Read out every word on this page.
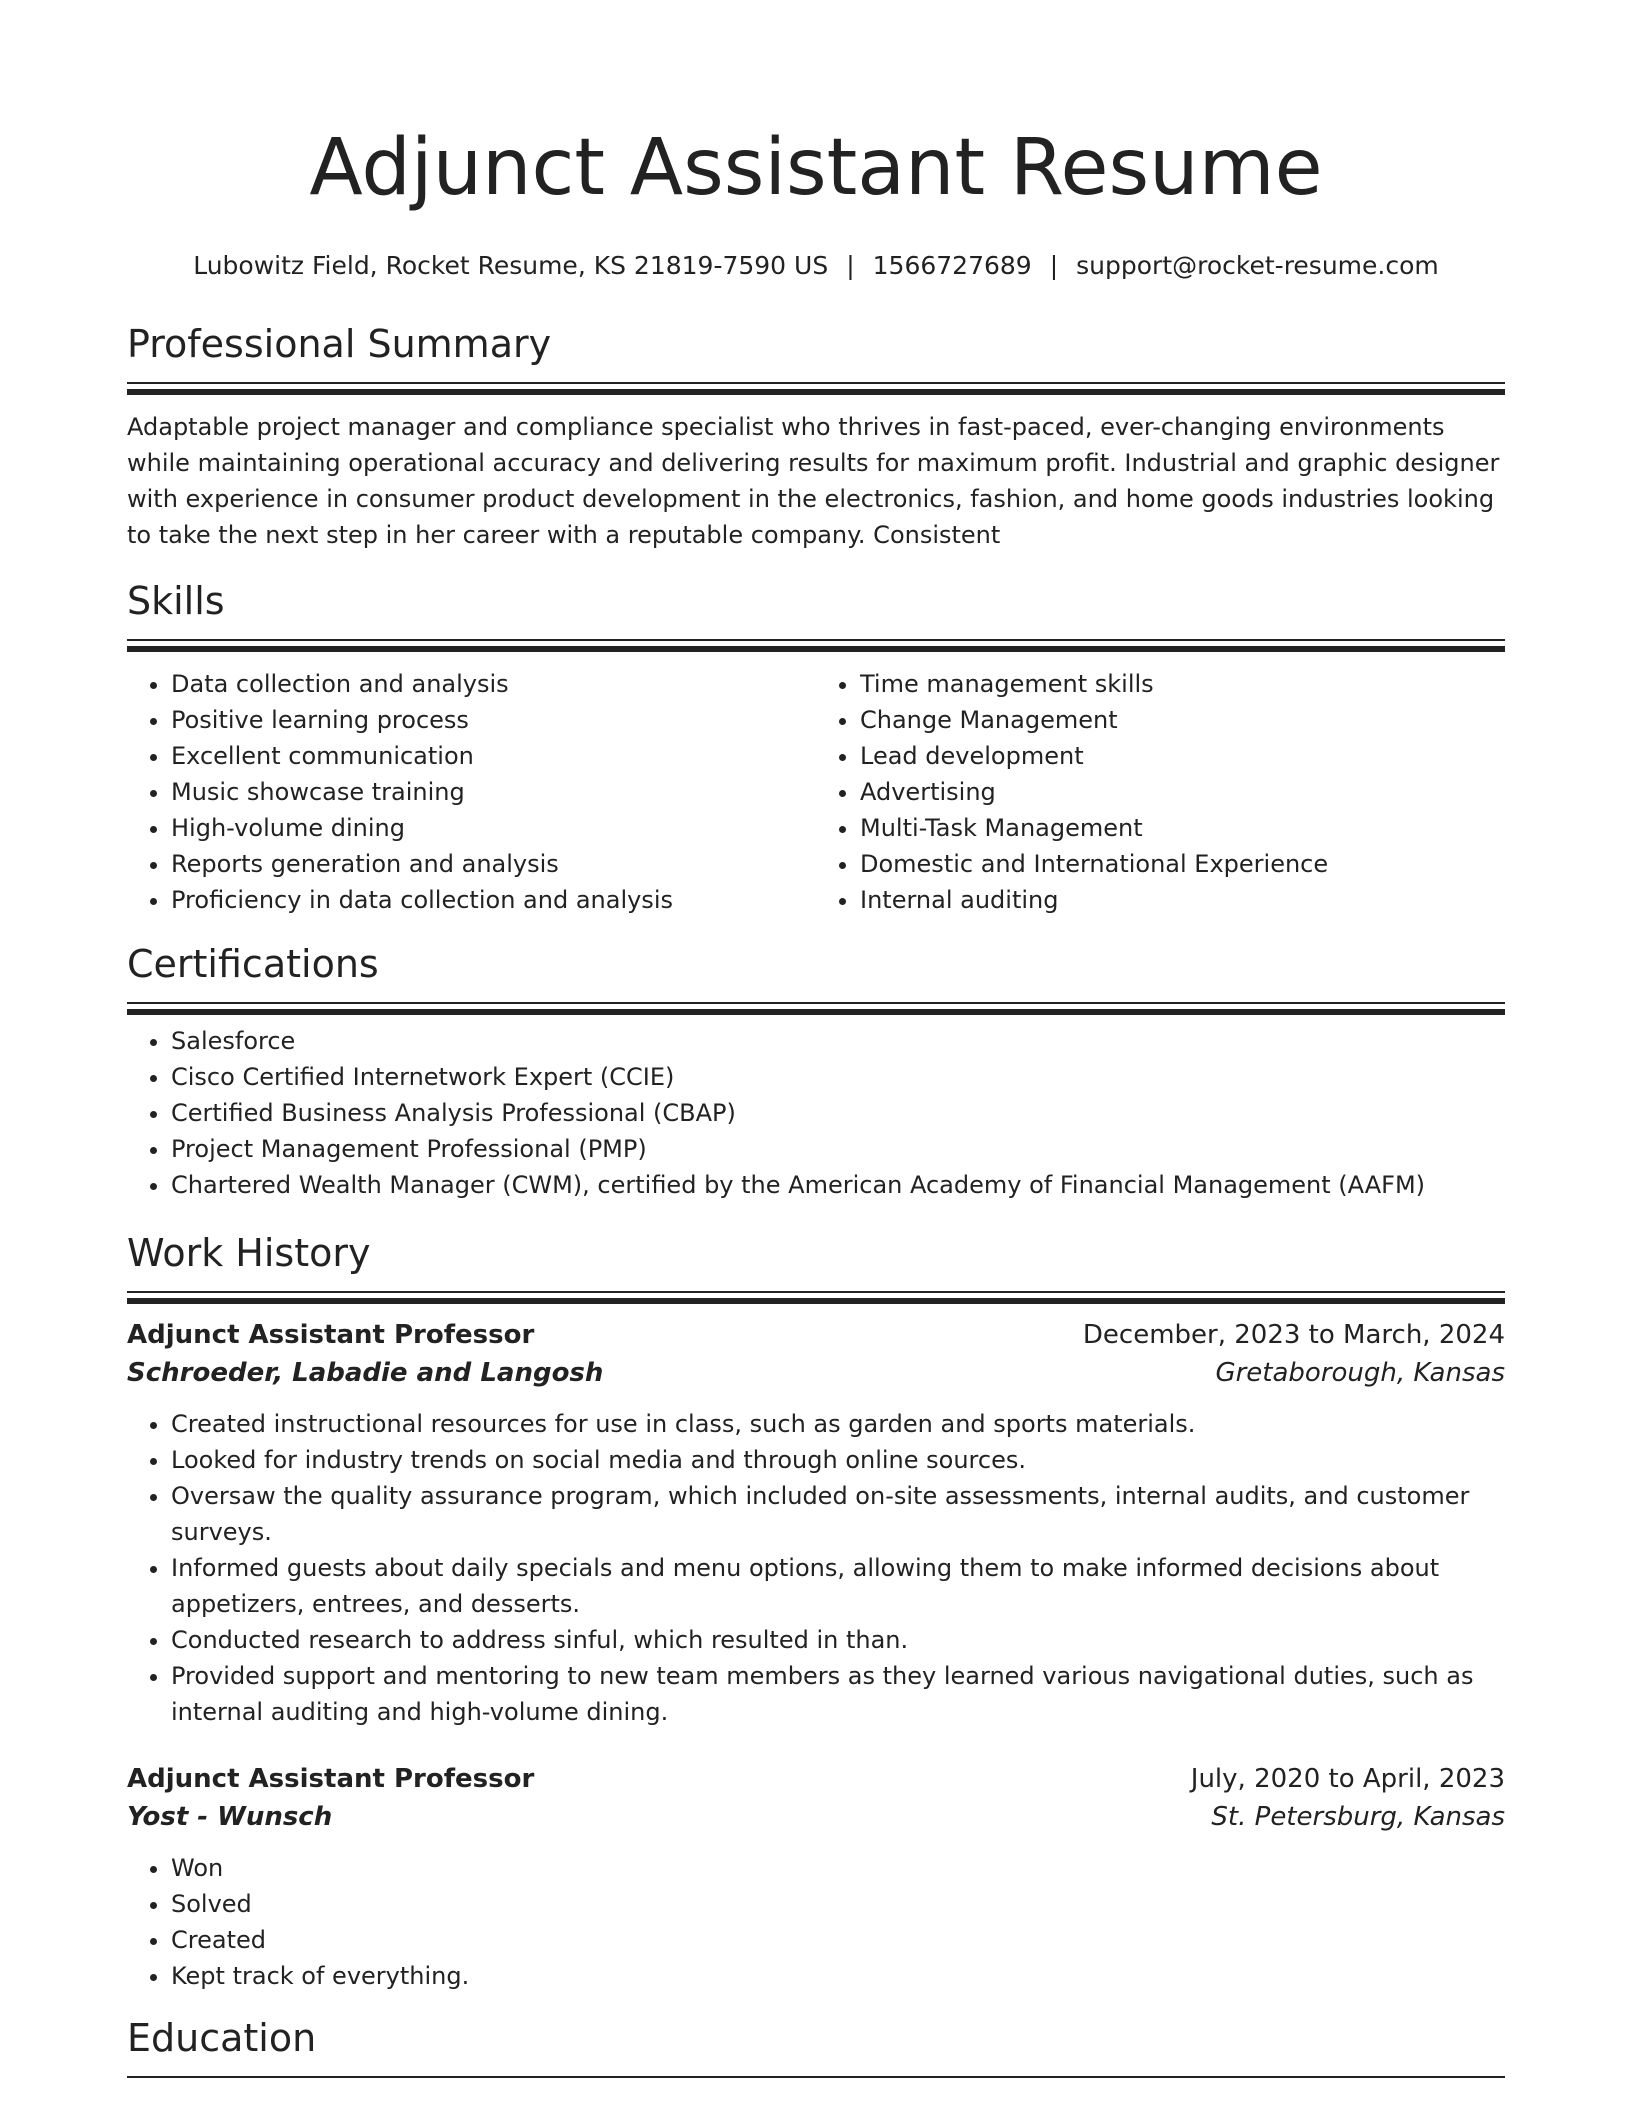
Adjunct Assistant Resume
Lubowitz Field, Rocket Resume, KS 21819-7590 US | 1566727689 | support@rocket-resume.com
Professional Summary

Adaptable project manager and compliance specialist who thrives in fast-paced, ever-changing environments while maintaining operational accuracy and delivering results for maximum profit. Industrial and graphic designer with experience in consumer product development in the electronics, fashion, and home goods industries looking to take the next step in her career with a reputable company. Consistent

Skills
• Data collection and analysis
• Positive learning process
• Excellent communication
• Music showcase training
• High-volume dining
• Reports generation and analysis
• Proficiency in data collection and analysis
• Time management skills
• Change Management
• Lead development
• Advertising
• Multi-Task Management
• Domestic and International Experience
• Internal auditing
Certifications
• Salesforce
• Cisco Certified Internetwork Expert (CCIE)
• Certified Business Analysis Professional (CBAP)
• Project Management Professional (PMP)
• Chartered Wealth Manager (CWM), certified by the American Academy of Financial Management (AAFM)
Work History
Adjunct Assistant Professor	December, 2023 to March, 2024
Schroeder, Labadie and Langosh	Gretaborough, Kansas
• Created instructional resources for use in class, such as garden and sports materials.
• Looked for industry trends on social media and through online sources.
• Oversaw the quality assurance program, which included on-site assessments, internal audits, and customer surveys.
• Informed guests about daily specials and menu options, allowing them to make informed decisions about appetizers, entrees, and desserts.
• Conducted research to address sinful, which resulted in than.
• Provided support and mentoring to new team members as they learned various navigational duties, such as internal auditing and high-volume dining.
Adjunct Assistant Professor	July, 2020 to April, 2023
Yost - Wunsch	St. Petersburg, Kansas
• Won
• Solved
• Created
• Kept track of everything.
Education
